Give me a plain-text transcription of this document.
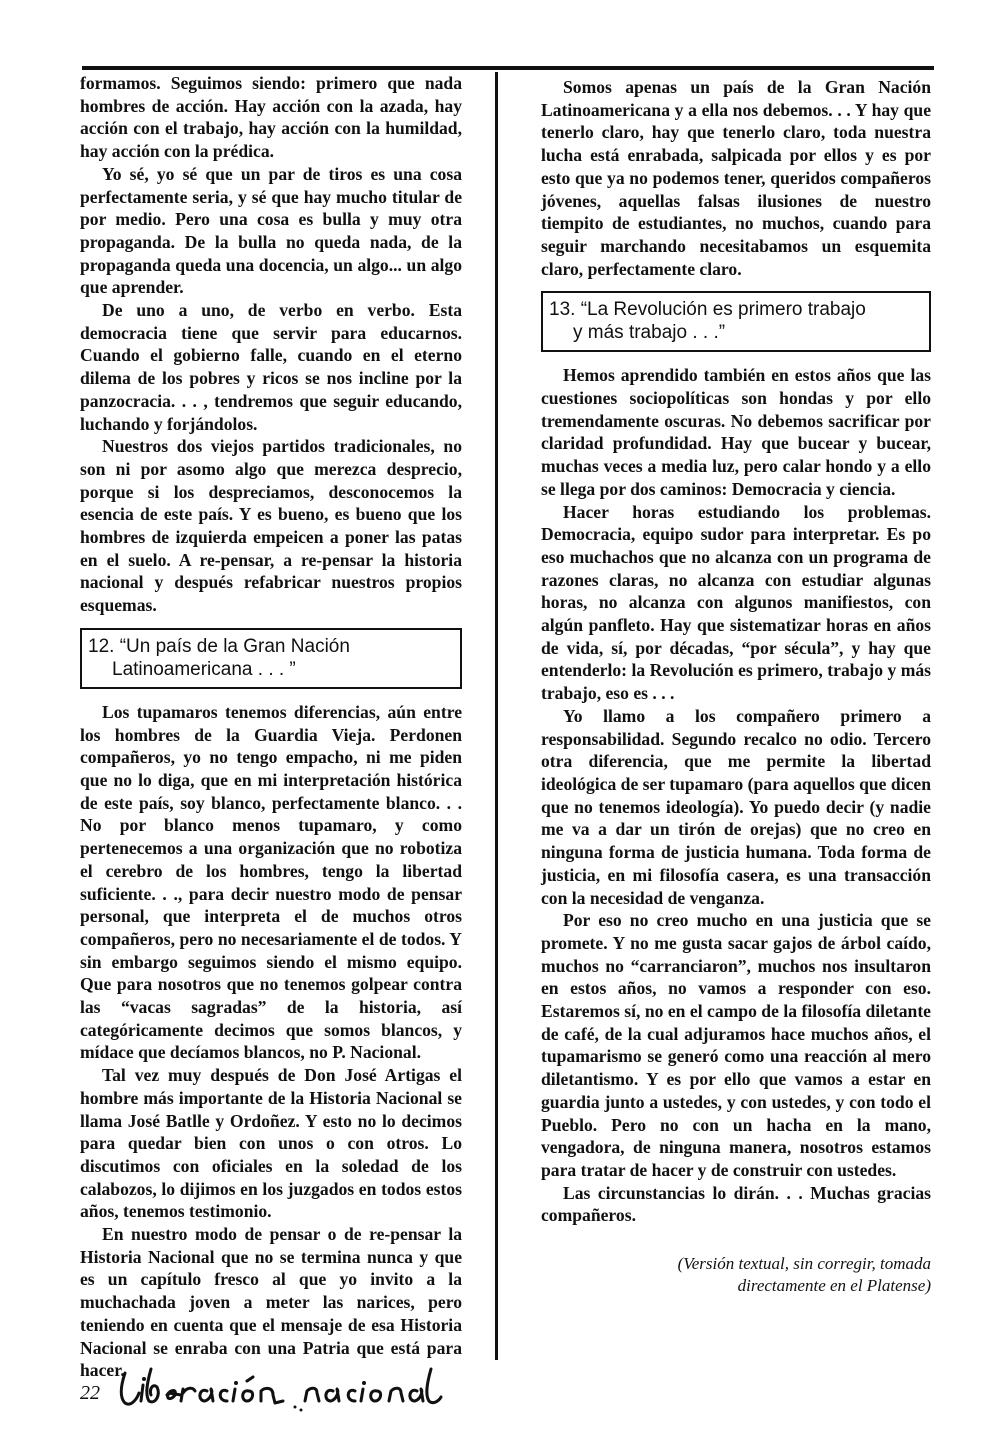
formamos. Seguimos siendo: primero que nada hombres de acción. Hay acción con la azada, hay acción con el trabajo, hay acción con la humildad, hay acción con la prédica.

Yo sé, yo sé que un par de tiros es una cosa perfectamente seria, y sé que hay mucho titular de por medio. Pero una cosa es bulla y muy otra propaganda. De la bulla no queda nada, de la propaganda queda una docencia, un algo... un algo que aprender.

De uno a uno, de verbo en verbo. Esta democracia tiene que servir para educarnos. Cuando el gobierno falle, cuando en el eterno dilema de los pobres y ricos se nos incline por la panzocracia. . . , tendremos que seguir educando, luchando y forjándolos.

Nuestros dos viejos partidos tradicionales, no son ni por asomo algo que merezca desprecio, porque si los despreciamos, desconocemos la esencia de este país. Y es bueno, es bueno que los hombres de izquierda empeicen a poner las patas en el suelo. A re-pensar, a re-pensar la historia nacional y después refabricar nuestros propios esquemas.

12. “Un país de la Gran Nación
Latinoamericana . . . ”

Los tupamaros tenemos diferencias, aún entre los hombres de la Guardia Vieja. Perdonen compañeros, yo no tengo empacho, ni me piden que no lo diga, que en mi interpretación histórica de este país, soy blanco, perfectamente blanco. . . No por blanco menos tupamaro, y como pertenecemos a una organización que no robotiza el cerebro de los hombres, tengo la libertad suficiente. . ., para decir nuestro modo de pensar personal, que interpreta el de muchos otros compañeros, pero no necesariamente el de todos. Y sin embargo seguimos siendo el mismo equipo. Que para nosotros que no tenemos golpear contra las “vacas sagradas” de la historia, así categóricamente decimos que somos blancos, y mídace que decíamos blancos, no P. Nacional.

Tal vez muy después de Don José Artigas el hombre más importante de la Historia Nacional se llama José Batlle y Ordoñez. Y esto no lo decimos para quedar bien con unos o con otros. Lo discutimos con oficiales en la soledad de los calabozos, lo dijimos en los juzgados en todos estos años, tenemos testimonio.

En nuestro modo de pensar o de re-pensar la Historia Nacional que no se termina nunca y que es un capítulo fresco al que yo invito a la muchachada joven a meter las narices, pero teniendo en cuenta que el mensaje de esa Historia Nacional se enraba con una Patria que está para hacer.

Somos apenas un país de la Gran Nación Latinoamericana y a ella nos debemos. . . Y hay que tenerlo claro, hay que tenerlo claro, toda nuestra lucha está enrabada, salpicada por ellos y es por esto que ya no podemos tener, queridos compañeros jóvenes, aquellas falsas ilusiones de nuestro tiempito de estudiantes, no muchos, cuando para seguir marchando necesitabamos un esquemita claro, perfectamente claro.

13. “La Revolución es primero trabajo
y más trabajo . . .”

Hemos aprendido también en estos años que las cuestiones sociopolíticas son hondas y por ello tremendamente oscuras. No debemos sacrificar por claridad profundidad. Hay que bucear y bucear, muchas veces a media luz, pero calar hondo y a ello se llega por dos caminos: Democracia y ciencia.

Hacer horas estudiando los problemas. Democracia, equipo sudor para interpretar. Es po eso muchachos que no alcanza con un programa de razones claras, no alcanza con estudiar algunas horas, no alcanza con algunos manifiestos, con algún panfleto. Hay que sistematizar horas en años de vida, sí, por décadas, “por sécula”, y hay que entenderlo: la Revolución es primero, trabajo y más trabajo, eso es . . .

Yo llamo a los compañero primero a responsabilidad. Segundo recalco no odio. Tercero otra diferencia, que me permite la libertad ideológica de ser tupamaro (para aquellos que dicen que no tenemos ideología). Yo puedo decir (y nadie me va a dar un tirón de orejas) que no creo en ninguna forma de justicia humana. Toda forma de justicia, en mi filosofía casera, es una transacción con la necesidad de venganza.

Por eso no creo mucho en una justicia que se promete. Y no me gusta sacar gajos de árbol caído, muchos no “carranciaron”, muchos nos insultaron en estos años, no vamos a responder con eso. Estaremos sí, no en el campo de la filosofía diletante de café, de la cual adjuramos hace muchos años, el tupamarismo se generó como una reacción al mero diletantismo. Y es por ello que vamos a estar en guardia junto a ustedes, y con ustedes, y con todo el Pueblo. Pero no con un hacha en la mano, vengadora, de ninguna manera, nosotros estamos para tratar de hacer y de construir con ustedes.

Las circunstancias lo dirán. . . Muchas gracias compañeros.

(Versión textual, sin corregir, tomada
directamente en el Platense)
22
